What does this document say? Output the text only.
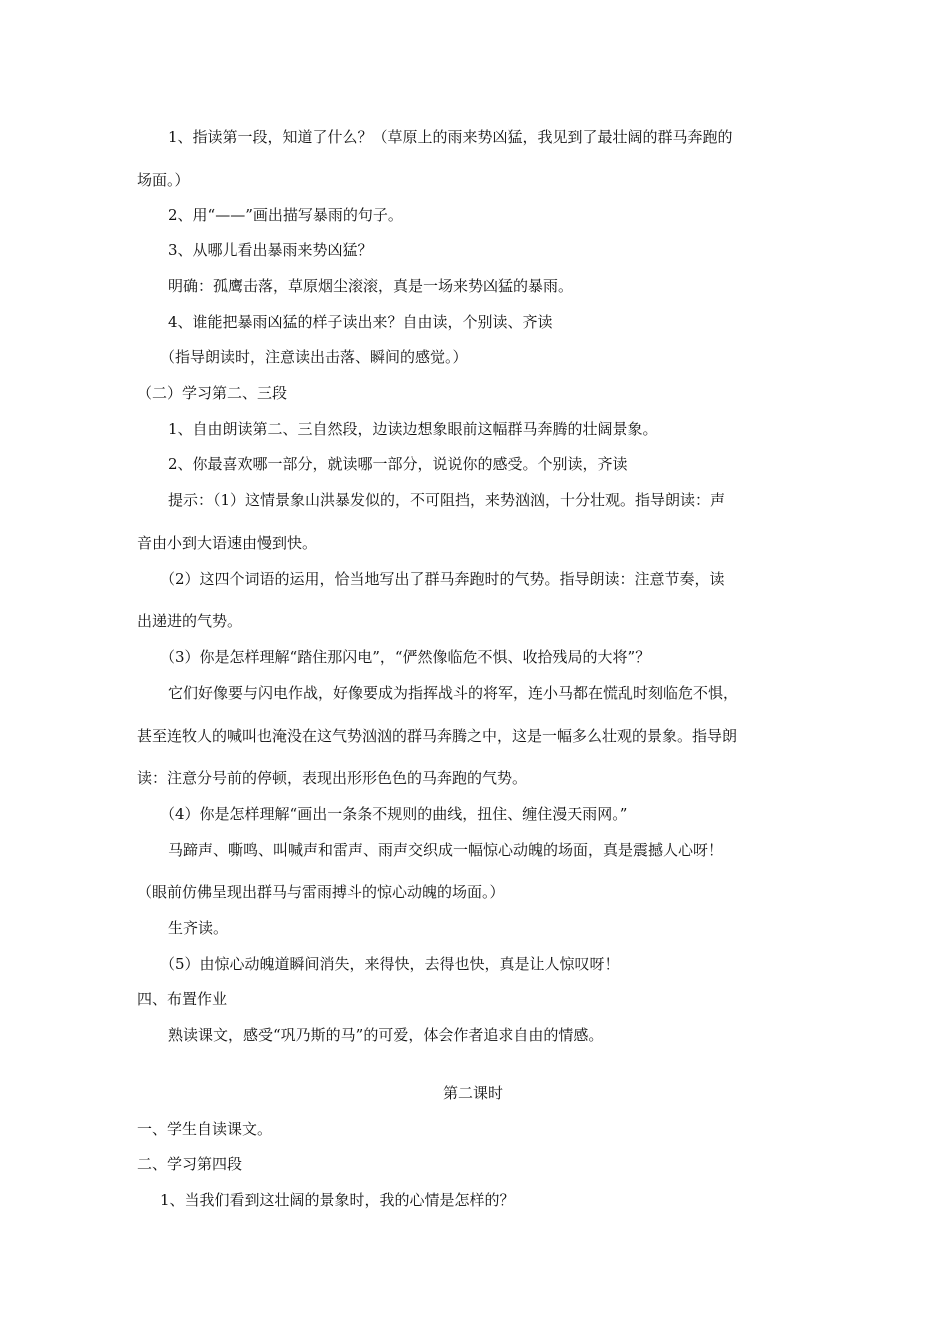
1、指读第一段，知道了什么？（草原上的雨来势凶猛，我见到了最壮阔的群马奔跑的
场面。）
2、用“——”画出描写暴雨的句子。
3、从哪儿看出暴雨来势凶猛？
明确：孤鹰击落，草原烟尘滚滚，真是一场来势凶猛的暴雨。
4、谁能把暴雨凶猛的样子读出来？自由读，个别读、齐读
（指导朗读时，注意读出击落、瞬间的感觉。）
（二）学习第二、三段
1、自由朗读第二、三自然段，边读边想象眼前这幅群马奔腾的壮阔景象。
2、你最喜欢哪一部分，就读哪一部分，说说你的感受。个别读，齐读
提示：（1）这情景象山洪暴发似的，不可阻挡，来势汹汹，十分壮观。指导朗读：声
音由小到大语速由慢到快。
（2）这四个词语的运用，恰当地写出了群马奔跑时的气势。指导朗读：注意节奏，读
出递进的气势。
（3）你是怎样理解“踏住那闪电”，“俨然像临危不惧、收拾残局的大将”？
它们好像要与闪电作战，好像要成为指挥战斗的将军，连小马都在慌乱时刻临危不惧，
甚至连牧人的喊叫也淹没在这气势汹汹的群马奔腾之中，这是一幅多么壮观的景象。指导朗
读：注意分号前的停顿，表现出形形色色的马奔跑的气势。
（4）你是怎样理解“画出一条条不规则的曲线，扭住、缠住漫天雨网。”
马蹄声、嘶鸣、叫喊声和雷声、雨声交织成一幅惊心动魄的场面，真是震撼人心呀！
（眼前仿佛呈现出群马与雷雨搏斗的惊心动魄的场面。）
生齐读。
（5）由惊心动魄道瞬间消失，来得快，去得也快，真是让人惊叹呀！
四、布置作业
熟读课文，感受“巩乃斯的马”的可爱，体会作者追求自由的情感。
第二课时
一、学生自读课文。
二、学习第四段
1、当我们看到这壮阔的景象时，我的心情是怎样的？
